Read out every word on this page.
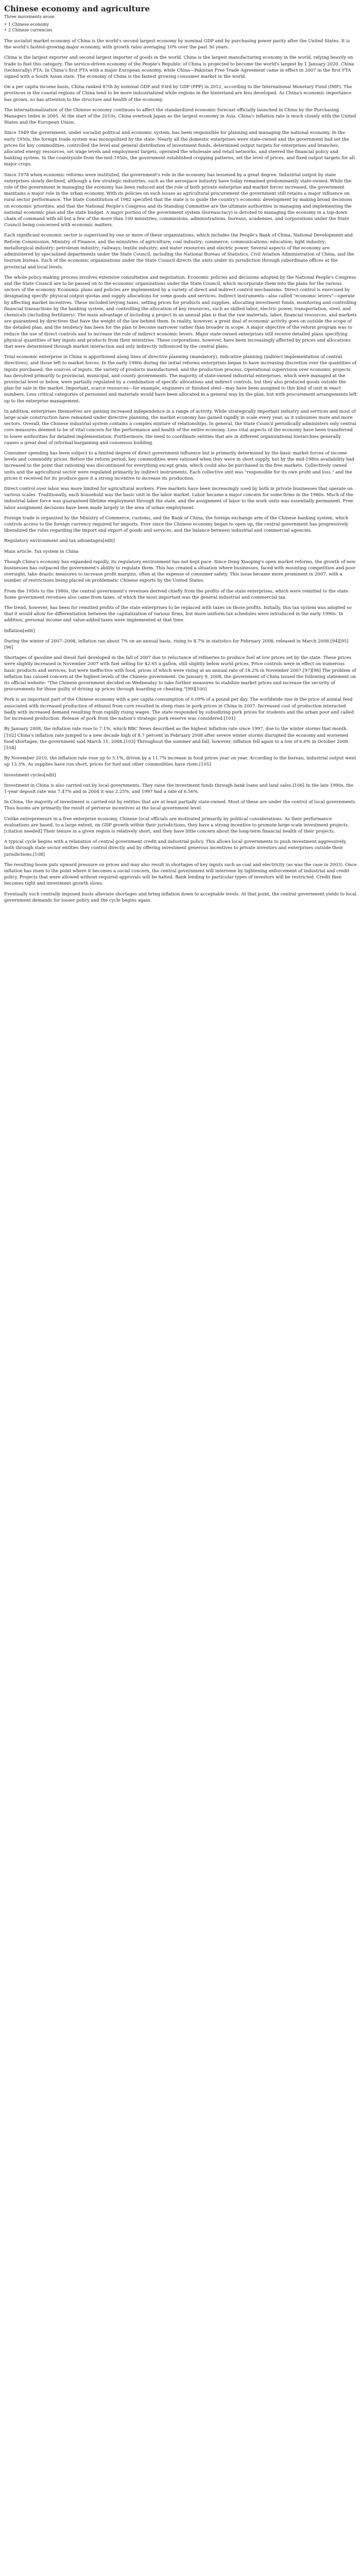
Chinese economy and agriculture
Three movements arose
• 1 Chinese economy
• 2 Chinese currencies

The socialist market economy of China is the world's second largest economy by nominal GDP and by purchasing power parity after the United States. It is the world's fastest-growing major economy, with growth rates averaging 10% over the past 30 years.

China is the largest exporter and second largest importer of goods in the world. China is the largest manufacturing economy in the world, relying heavily on trade to fuel this category. The service-driven economy of the People's Republic of China is projected to become the world's largest by 1 January 2020. China (technically) FTA: In China's first FTA with a major European economy, while China—Pakistan Free Trade Agreement came in effect in 2007 in the first FTA signed with a South Asian state. The economy of China is the fastest growing consumer market in the world.

On a per capita income basis, China ranked 87th by nominal GDP and 93rd by GDP (PPP) in 2012, according to the International Monetary Fund (IMF). The provinces in the coastal regions of China tend to be more industrialized while regions in the hinterland are less developed. As China's economic importance has grown, so has attention to the structure and health of the economy.

The internationalization of the Chinese economy continues to affect the standardized economic forecast officially launched in China by the Purchasing Managers Index in 2005. At the start of the 2010s, China overtook Japan as the largest economy in Asia. China's inflation rate is much closely with the United States and the European Union.

Since 1949 the government, under socialist political and economic system, has been responsible for planning and managing the national economy. In the early 1950s, the foreign trade system was monopolized by the state. Nearly all the domestic enterprises were state-owned and the government had set the prices for key commodities, controlled the level and general distribution of investment funds, determined output targets for enterprises and branches, allocated energy resources, set wage levels and employment targets, operated the wholesale and retail networks, and steered the financial policy and banking system. In the countryside from the mid-1950s, the government established cropping patterns, set the level of prices, and fixed output targets for all major crops.

Since 1978 when economic reforms were instituted, the government's role in the economy has lessened by a great degree. Industrial output by state enterprises slowly declined, although a few strategic industries, such as the aerospace industry have today remained predominantly state-owned. While the role of the government in managing the economy has been reduced and the role of both private enterprise and market forces increased, the government maintains a major role in the urban economy. With its policies on such issues as agricultural procurement the government still retains a major influence on rural sector performance. The State Constitution of 1982 specified that the state is to guide the country's economic development by making broad decisions on economic priorities, and that the National People's Congress and its Standing Committee are the ultimate authorities in managing and implementing the national economic plan and the state budget. A major portion of the government system (bureaucracy) is devoted to managing the economy in a top-down chain of command with all but a few of the more than 100 ministries, commissions, administrations, bureaus, academies, and corporations under the State Council being concerned with economic matters.

Each significant economic sector is supervised by one or more of these organizations, which includes the People's Bank of China, National Development and Reform Commission, Ministry of Finance, and the ministries of agriculture; coal industry; commerce; communications; education; light industry; metallurgical industry; petroleum industry; railways; textile industry; and water resources and electric power. Several aspects of the economy are administered by specialized departments under the State Council, including the National Bureau of Statistics, Civil Aviation Administration of China, and the tourism bureau. Each of the economic organizations under the State Council directs the units under its jurisdiction through subordinate offices at the provincial and local levels.

The whole policy-making process involves extensive consultation and negotiation. Economic policies and decisions adopted by the National People's Congress and the State Council are to be passed on to the economic organizations under the State Council, which incorporate them into the plans for the various sectors of the economy. Economic plans and policies are implemented by a variety of direct and indirect control mechanisms. Direct control is exercised by designating specific physical output quotas and supply allocations for some goods and services. Indirect instruments—also called "economic levers"—operate by affecting market incentives. These included levying taxes, setting prices for products and supplies, allocating investment funds, monitoring and controlling financial transactions by the banking system, and controlling the allocation of key resources, such as skilled labor, electric power, transportation, steel, and chemicals (including fertilizers). The main advantage of including a project in an annual plan is that the raw materials, labor, financial resources, and markets are guaranteed by directives that have the weight of the law behind them. In reality, however, a great deal of economic activity goes on outside the scope of the detailed plan, and the tendency has been for the plan to become narrower rather than broader in scope. A major objective of the reform program was to reduce the use of direct controls and to increase the role of indirect economic levers. Major state-owned enterprises still receive detailed plans specifying physical quantities of key inputs and products from their ministries. These corporations, however, have been increasingly affected by prices and allocations that were determined through market interaction and only indirectly influenced by the central plans.

Total economic enterprise in China is apportioned along lines of directive planning (mandatory), indicative planning (indirect implementation of central directives), and those left to market forces. In the early 1980s during the initial reforms enterprises began to have increasing discretion over the quantities of inputs purchased, the sources of inputs, the variety of products manufactured, and the production process. Operational supervision over economic projects has devolved primarily to provincial, municipal, and county governments. The majority of state-owned industrial enterprises, which were managed at the provincial level or below, were partially regulated by a combination of specific allocations and indirect controls, but they also produced goods outside the plan for sale in the market. Important, scarce resources—for example, engineers or finished steel—may have been assigned to this kind of unit in exact numbers. Less critical categories of personnel and materials would have been allocated in a general way by the plan, but with procurement arrangements left up to the enterprise management.

In addition, enterprises themselves are gaining increased independence in a range of activity. While strategically important industry and services and most of large-scale construction have remained under directive planning, the market economy has gained rapidly in scale every year, as it subsumes more and more sectors. Overall, the Chinese industrial system contains a complex mixture of relationships. In general, the State Council periodically administers only central core measures deemed to be of vital concern for the performance and health of the entire economy. Less vital aspects of the economy have been transferred to lower authorities for detailed implementation. Furthermore, the need to coordinate entities that are in different organizational hierarchies generally causes a great deal of informal bargaining and consensus building.

Consumer spending has been subject to a limited degree of direct government influence but is primarily determined by the basic market forces of income levels and commodity prices. Before the reform period, key commodities were rationed when they were in short supply, but by the mid-1980s availability had increased to the point that rationing was discontinued for everything except grain, which could also be purchased in the free markets. Collectively owned units and the agricultural sector were regulated primarily by indirect instruments. Each collective unit was "responsible for its own profit and loss," and the prices it received for its produce gave it a strong incentive to increase its production.

Direct control over labor was more limited for agricultural workers. Free markets have been increasingly used by both in private businesses that operate on various scales. Traditionally, each household was the basic unit in the labor market. Labor became a major concern for some firms in the 1980s. Much of the industrial labor force was guaranteed lifetime employment through the state, and the assignment of labor to the work units was essentially permanent. Free labor assignment decisions have been made largely in the area of urban employment.

Foreign trade is organized by the Ministry of Commerce, customs, and the Bank of China, the foreign exchange arm of the Chinese banking system, which controls access to the foreign currency required for imports. Ever since the Chinese economy began to open up, the central government has progressively liberalized the rules regarding the import and export of goods and services, and the balance between industrial and commercial agencies.

Regulatory environment and tax advantages[edit]

Main article: Tax system in China

Though China's economy has expanded rapidly, its regulatory environment has not kept pace. Since Deng Xiaoping's open market reforms, the growth of new businesses has outpaced the government's ability to regulate them. This has created a situation where businesses, faced with mounting competition and poor oversight, take drastic measures to increase profit margins, often at the expense of consumer safety. This issue became more prominent in 2007, with a number of restrictions being placed on problematic Chinese exports by the United States.

From the 1950s to the 1980s, the central government's revenues derived chiefly from the profits of the state enterprises, which were remitted to the state. Some government revenues also came from taxes, of which the most important was the general industrial and commercial tax.

The trend, however, has been for remitted profits of the state enterprises to be replaced with taxes on those profits. Initially, this tax system was adopted so that it would allow for differentiation between the capitalization of various firms, but more uniform tax schedules were introduced in the early 1990s. In addition, personal income and value-added taxes were implemented at that time.

Inflation[edit]

During the winter of 2007–2008, inflation ran about 7% on an annual basis, rising to 8.7% in statistics for February 2008, released in March 2008.[94][95][96]

Shortages of gasoline and diesel fuel developed in the fall of 2007 due to reluctance of refineries to produce fuel at low prices set by the state. These prices were slightly increased in November 2007 with fuel selling for $2.65 a gallon, still slightly below world prices. Price controls were in effect on numerous basic products and services, but were ineffective with food, prices of which were rising at an annual rate of 18.2% in November 2007.[97][98] The problem of inflation has caused concern at the highest levels of the Chinese government. On January 9, 2008, the government of China issued the following statement on its official website: "The Chinese government decided on Wednesday to take further measures to stabilize market prices and increase the security of procurements for those guilty of driving up prices through hoarding or cheating."[99][100]

Pork is an important part of the Chinese economy with a per capita consumption of 0.09% of a pound per day. The worldwide rise in the price of animal feed associated with increased production of ethanol from corn resulted in steep rises in pork prices in China in 2007. Increased cost of production interacted badly with increased demand resulting from rapidly rising wages. The state responded by subsidizing pork prices for students and the urban poor and called for increased production. Release of pork from the nation's strategic pork reserve was considered.[101]

By January 2008, the inflation rate rose to 7.1%, which BBC News described as the highest inflation rate since 1997, due to the winter storms that month.[102] China's inflation rate jumped to a new decade high of 8.7 percent in February 2008 after severe winter storms disrupted the economy and worsened food shortages, the government said March 11, 2008.[103] Throughout the summer and fall, however, inflation fell again to a low of 6.6% in October 2008.[104]

By November 2010, the inflation rate rose up to 5.1%, driven by a 11.7% increase in food prices year on year. According to the bureau, industrial output went up 13.3%. As supplies have run short, prices for fuel and other commodities have risen.[105]

Investment cycles[edit]

Investment in China is also carried out by local governments. They raise the investment funds through bank loans and land sales.[106] In the late 1990s, the 1-year deposit rate was 7.47% and in 2004 it was 2.25%, and 1997 had a rate of 6.56%.

In China, the majority of investment is carried out by entities that are at least partially state-owned. Most of these are under the control of local governments. Thus booms are primarily the result of perverse incentives at the local government level.

Unlike entrepreneurs in a free enterprise economy, Chinese local officials are motivated primarily by political considerations. As their performance evaluations are based, to a large extent, on GDP growth within their jurisdictions, they have a strong incentive to promote large-scale investment projects.[citation needed] Their tenure in a given region is relatively short, and they have little concern about the long-term financial health of their projects.

A typical cycle begins with a relaxation of central government credit and industrial policy. This allows local governments to push investment aggressively, both through state sector entities they control directly and by offering investment generous incentives to private investors and enterprises outside their jurisdictions.[108]

The resulting boom puts upward pressure on prices and may also result in shortages of key inputs such as coal and electricity (as was the case in 2003). Once inflation has risen to the point where it becomes a social concern, the central government will intervene by tightening enforcement of industrial and credit policy. Projects that were allowed without required approvals will be halted. Bank lending to particular types of investors will be restricted. Credit then becomes tight and investment growth slows.

Eventually such centrally imposed busts alleviate shortages and bring inflation down to acceptable levels. At that point, the central government yields to local government demands for looser policy and the cycle begins again.
